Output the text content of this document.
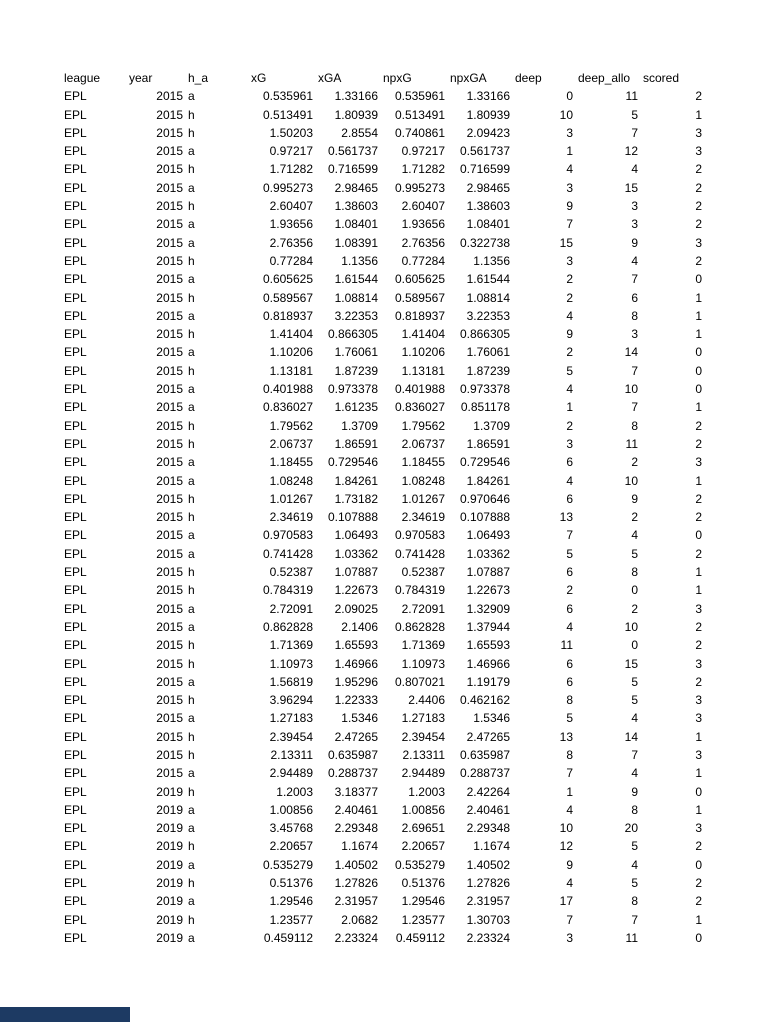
league	year	h_a	xG	xGA	npxG	npxGA	deep	deep_allo	scored
EPL	2015	a	0.535961	1.33166	0.535961	1.33166	0	11	2
EPL	2015	h	0.513491	1.80939	0.513491	1.80939	10	5	1
EPL	2015	h	1.50203	2.8554	0.740861	2.09423	3	7	3
EPL	2015	a	0.97217	0.561737	0.97217	0.561737	1	12	3
EPL	2015	h	1.71282	0.716599	1.71282	0.716599	4	4	2
EPL	2015	a	0.995273	2.98465	0.995273	2.98465	3	15	2
EPL	2015	h	2.60407	1.38603	2.60407	1.38603	9	3	2
EPL	2015	a	1.93656	1.08401	1.93656	1.08401	7	3	2
EPL	2015	a	2.76356	1.08391	2.76356	0.322738	15	9	3
EPL	2015	h	0.77284	1.1356	0.77284	1.1356	3	4	2
EPL	2015	a	0.605625	1.61544	0.605625	1.61544	2	7	0
EPL	2015	h	0.589567	1.08814	0.589567	1.08814	2	6	1
EPL	2015	a	0.818937	3.22353	0.818937	3.22353	4	8	1
EPL	2015	h	1.41404	0.866305	1.41404	0.866305	9	3	1
EPL	2015	a	1.10206	1.76061	1.10206	1.76061	2	14	0
EPL	2015	h	1.13181	1.87239	1.13181	1.87239	5	7	0
EPL	2015	a	0.401988	0.973378	0.401988	0.973378	4	10	0
EPL	2015	a	0.836027	1.61235	0.836027	0.851178	1	7	1
EPL	2015	h	1.79562	1.3709	1.79562	1.3709	2	8	2
EPL	2015	h	2.06737	1.86591	2.06737	1.86591	3	11	2
EPL	2015	a	1.18455	0.729546	1.18455	0.729546	6	2	3
EPL	2015	a	1.08248	1.84261	1.08248	1.84261	4	10	1
EPL	2015	h	1.01267	1.73182	1.01267	0.970646	6	9	2
EPL	2015	h	2.34619	0.107888	2.34619	0.107888	13	2	2
EPL	2015	a	0.970583	1.06493	0.970583	1.06493	7	4	0
EPL	2015	a	0.741428	1.03362	0.741428	1.03362	5	5	2
EPL	2015	h	0.52387	1.07887	0.52387	1.07887	6	8	1
EPL	2015	h	0.784319	1.22673	0.784319	1.22673	2	0	1
EPL	2015	a	2.72091	2.09025	2.72091	1.32909	6	2	3
EPL	2015	a	0.862828	2.1406	0.862828	1.37944	4	10	2
EPL	2015	h	1.71369	1.65593	1.71369	1.65593	11	0	2
EPL	2015	h	1.10973	1.46966	1.10973	1.46966	6	15	3
EPL	2015	a	1.56819	1.95296	0.807021	1.19179	6	5	2
EPL	2015	h	3.96294	1.22333	2.4406	0.462162	8	5	3
EPL	2015	a	1.27183	1.5346	1.27183	1.5346	5	4	3
EPL	2015	h	2.39454	2.47265	2.39454	2.47265	13	14	1
EPL	2015	h	2.13311	0.635987	2.13311	0.635987	8	7	3
EPL	2015	a	2.94489	0.288737	2.94489	0.288737	7	4	1
EPL	2019	h	1.2003	3.18377	1.2003	2.42264	1	9	0
EPL	2019	a	1.00856	2.40461	1.00856	2.40461	4	8	1
EPL	2019	a	3.45768	2.29348	2.69651	2.29348	10	20	3
EPL	2019	h	2.20657	1.1674	2.20657	1.1674	12	5	2
EPL	2019	a	0.535279	1.40502	0.535279	1.40502	9	4	0
EPL	2019	h	0.51376	1.27826	0.51376	1.27826	4	5	2
EPL	2019	a	1.29546	2.31957	1.29546	2.31957	17	8	2
EPL	2019	h	1.23577	2.0682	1.23577	1.30703	7	7	1
EPL	2019	a	0.459112	2.23324	0.459112	2.23324	3	11	0
